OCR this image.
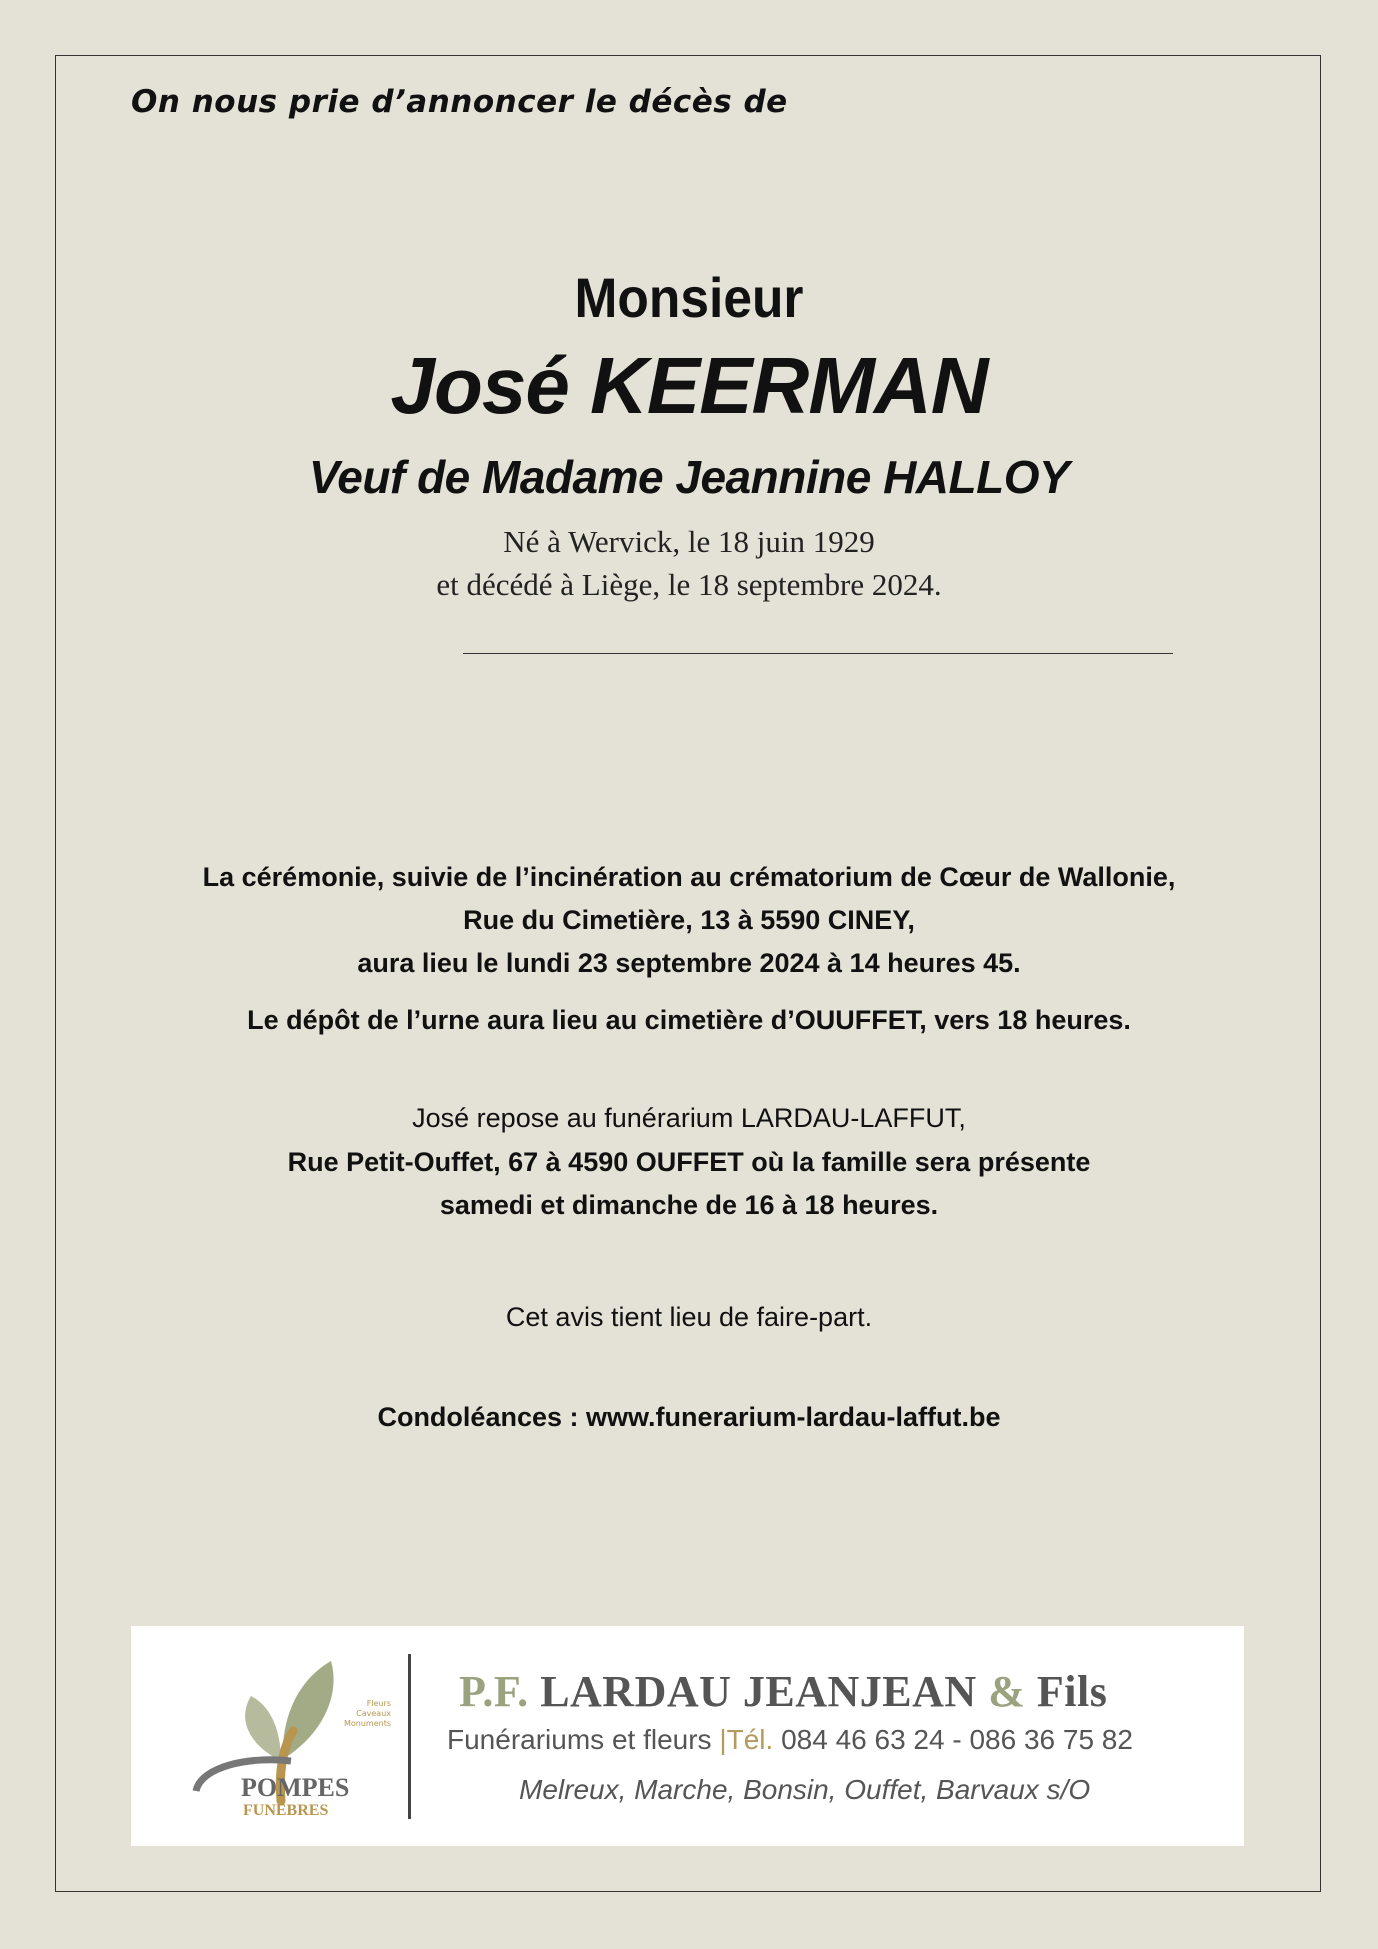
On nous prie d’annoncer le décès de
Monsieur
José KEERMAN
Veuf de Madame Jeannine HALLOY
Né à Wervick, le 18 juin 1929
et décédé à Liège, le 18 septembre 2024.
La cérémonie, suivie de l’incinération au crématorium de Cœur de Wallonie,
Rue du Cimetière, 13 à 5590 CINEY,
aura lieu le lundi 23 septembre 2024 à 14 heures 45.
Le dépôt de l’urne aura lieu au cimetière d’OUUFFET, vers 18 heures.
José repose au funérarium LARDAU-LAFFUT,
Rue Petit-Ouffet, 67 à 4590 OUFFET où la famille sera présente
samedi et dimanche de 16 à 18 heures.
Cet avis tient lieu de faire-part.
Condoléances : www.funerarium-lardau-laffut.be
Fleurs
Caveaux
Monuments
POMPES
FUNEBRES
P.F. LARDAU JEANJEAN & Fils
Funérariums et fleurs |Tél. 084 46 63 24 - 086 36 75 82
Melreux, Marche, Bonsin, Ouffet, Barvaux s/O
